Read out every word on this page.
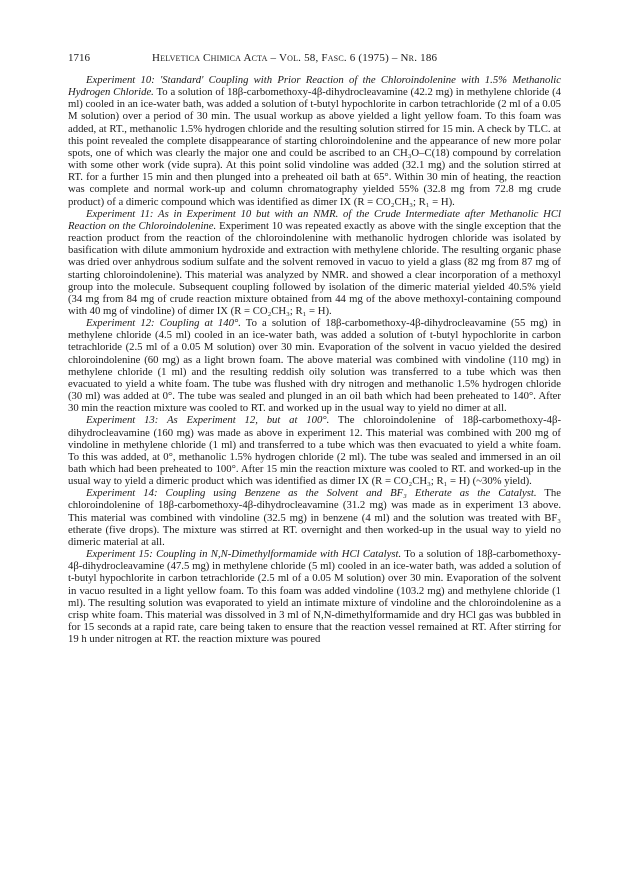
1716	Helvetica Chimica Acta – Vol. 58, Fasc. 6 (1975) – Nr. 186

Experiment 10: 'Standard' Coupling with Prior Reaction of the Chloroindolenine with 1.5% Methanolic Hydrogen Chloride. To a solution of 18β-carbomethoxy-4β-dihydrocleavamine (42.2 mg) in methylene chloride (4 ml) cooled in an ice-water bath, was added a solution of t-butyl hypochlorite in carbon tetrachloride (2 ml of a 0.05 M solution) over a period of 30 min. The usual workup as above yielded a light yellow foam. To this foam was added, at RT., methanolic 1.5% hydrogen chloride and the resulting solution stirred for 15 min. A check by TLC. at this point revealed the complete disappearance of starting chloroindolenine and the appearance of new more polar spots, one of which was clearly the major one and could be ascribed to an CH₃O–C(18) compound by correlation with some other work (vide supra). At this point solid vindoline was added (32.1 mg) and the solution stirred at RT. for a further 15 min and then plunged into a preheated oil bath at 65°. Within 30 min of heating, the reaction was complete and normal work-up and column chromatography yielded 55% (32.8 mg from 72.8 mg crude product) of a dimeric compound which was identified as dimer IX (R = CO₂CH₃; R₁ = H).

Experiment 11: As in Experiment 10 but with an NMR. of the Crude Intermediate after Methanolic HCl Reaction on the Chloroindolenine. Experiment 10 was repeated exactly as above with the single exception that the reaction product from the reaction of the chloroindolenine with methanolic hydrogen chloride was isolated by basification with dilute ammonium hydroxide and extraction with methylene chloride. The resulting organic phase was dried over anhydrous sodium sulfate and the solvent removed in vacuo to yield a glass (82 mg from 87 mg of starting chloroindolenine). This material was analyzed by NMR. and showed a clear incorporation of a methoxyl group into the molecule. Subsequent coupling followed by isolation of the dimeric material yielded 40.5% yield (34 mg from 84 mg of crude reaction mixture obtained from 44 mg of the above methoxyl-containing compound with 40 mg of vindoline) of dimer IX (R = CO₂CH₃; R₁ = H).

Experiment 12: Coupling at 140°. To a solution of 18β-carbomethoxy-4β-dihydrocleavamine (55 mg) in methylene chloride (4.5 ml) cooled in an ice-water bath, was added a solution of t-butyl hypochlorite in carbon tetrachloride (2.5 ml of a 0.05 M solution) over 30 min. Evaporation of the solvent in vacuo yielded the desired chloroindolenine (60 mg) as a light brown foam. The above material was combined with vindoline (110 mg) in methylene chloride (1 ml) and the resulting reddish oily solution was transferred to a tube which was then evacuated to yield a white foam. The tube was flushed with dry nitrogen and methanolic 1.5% hydrogen chloride (30 ml) was added at 0°. The tube was sealed and plunged in an oil bath which had been preheated to 140°. After 30 min the reaction mixture was cooled to RT. and worked up in the usual way to yield no dimer at all.

Experiment 13: As Experiment 12, but at 100°. The chloroindolenine of 18β-carbomethoxy-4β-dihydrocleavamine (160 mg) was made as above in experiment 12. This material was combined with 200 mg of vindoline in methylene chloride (1 ml) and transferred to a tube which was then evacuated to yield a white foam. To this was added, at 0°, methanolic 1.5% hydrogen chloride (2 ml). The tube was sealed and immersed in an oil bath which had been preheated to 100°. After 15 min the reaction mixture was cooled to RT. and worked-up in the usual way to yield a dimeric product which was identified as dimer IX (R = CO₂CH₃; R₁ = H) (~30% yield).

Experiment 14: Coupling using Benzene as the Solvent and BF₃ Etherate as the Catalyst. The chloroindolenine of 18β-carbomethoxy-4β-dihydrocleavamine (31.2 mg) was made as in experiment 13 above. This material was combined with vindoline (32.5 mg) in benzene (4 ml) and the solution was treated with BF₃ etherate (five drops). The mixture was stirred at RT. overnight and then worked-up in the usual way to yield no dimeric material at all.

Experiment 15: Coupling in N,N-Dimethylformamide with HCl Catalyst. To a solution of 18β-carbomethoxy-4β-dihydrocleavamine (47.5 mg) in methylene chloride (5 ml) cooled in an ice-water bath, was added a solution of t-butyl hypochlorite in carbon tetrachloride (2.5 ml of a 0.05 M solution) over 30 min. Evaporation of the solvent in vacuo resulted in a light yellow foam. To this foam was added vindoline (103.2 mg) and methylene chloride (1 ml). The resulting solution was evaporated to yield an intimate mixture of vindoline and the chloroindolenine as a crisp white foam. This material was dissolved in 3 ml of N,N-dimethylformamide and dry HCl gas was bubbled in for 15 seconds at a rapid rate, care being taken to ensure that the reaction vessel remained at RT. After stirring for 19 h under nitrogen at RT. the reaction mixture was poured
